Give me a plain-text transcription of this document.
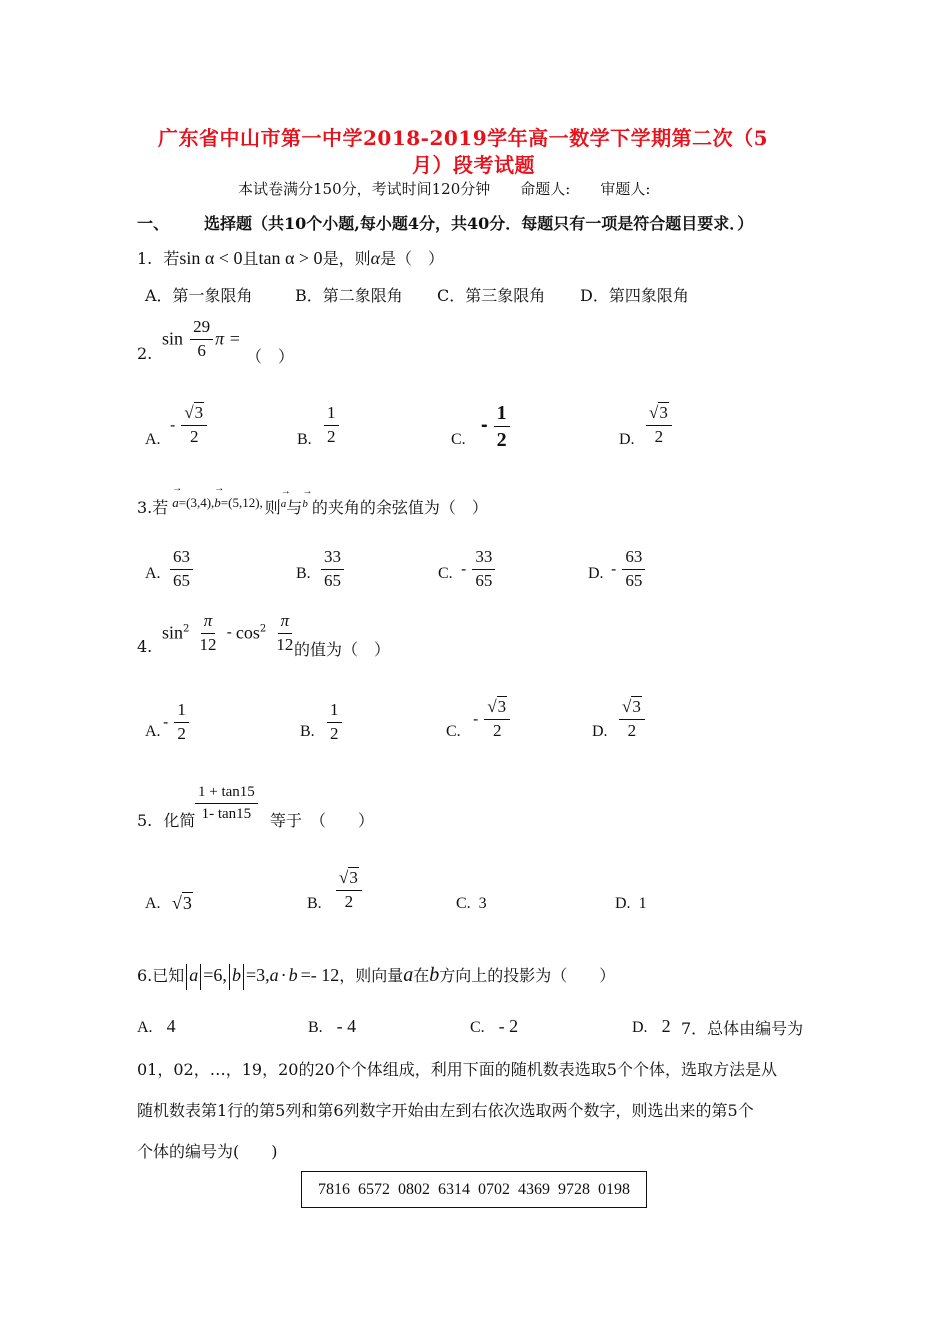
广东省中山市第一中学2018-2019学年高一数学下学期第二次（5
月）段考试题
本试卷满分150分，考试时间120分钟　　命题人:　　审题人:
一、 选择题（共10个小题,每小题4分，共40分．每题只有一项是符合题目要求．）
1. 若sin α < 0且tan α > 0是，则α是（　）
A．第一象限角	B．第二象限角 C．第三象限角 D．第四象限角
2.
$\sin \frac{29}{6}$ π =
（　）
A.
- $\frac{√3}{2}$	B. $\frac{1}{2}$	C.
- $\frac{1}{2}$	D. $\frac{√3}{2}$
3.若→ $a^{=(3,4),}\to b^{=(5,12),}$ 则→ a与→ b 的夹角的余弦值为（　）
A. $\frac{63}{65}$	B. $\frac{33}{65}$	C. - $\frac{33}{65}$	D. - $\frac{63}{65}$
4.
$\sin^2 \frac{\pi}{12} - \cos^2 \frac{\pi}{12}$
的值为（　）
A.
- $\frac{1}{2}$	B. $\frac{1}{2}$	C.
- $\frac{√3}{2}$	D. $\frac{√3}{2}$
5. 化简 $\frac{1 + \tan 15}{1- \tan 15}$ 等于　（　　）
A. √3	B. $\frac{√3}{2}$	C. 3	D. 1
6.已知 a =6, b =3,a · b =- 12，则向量a在b方向上的投影为（　　）
A. 4	B. - 4	C. - 2	D. 2 7．总体由编号为
01，02，…，19，20的20个个体组成，利用下面的随机数表选取5个个体，选取方法是从
随机数表第1行的第5列和第6列数字开始由左到右依次选取两个数字，则选出来的第5个
个体的编号为(　　)
7816  6572  0802  6314  0702  4369  9728  0198
